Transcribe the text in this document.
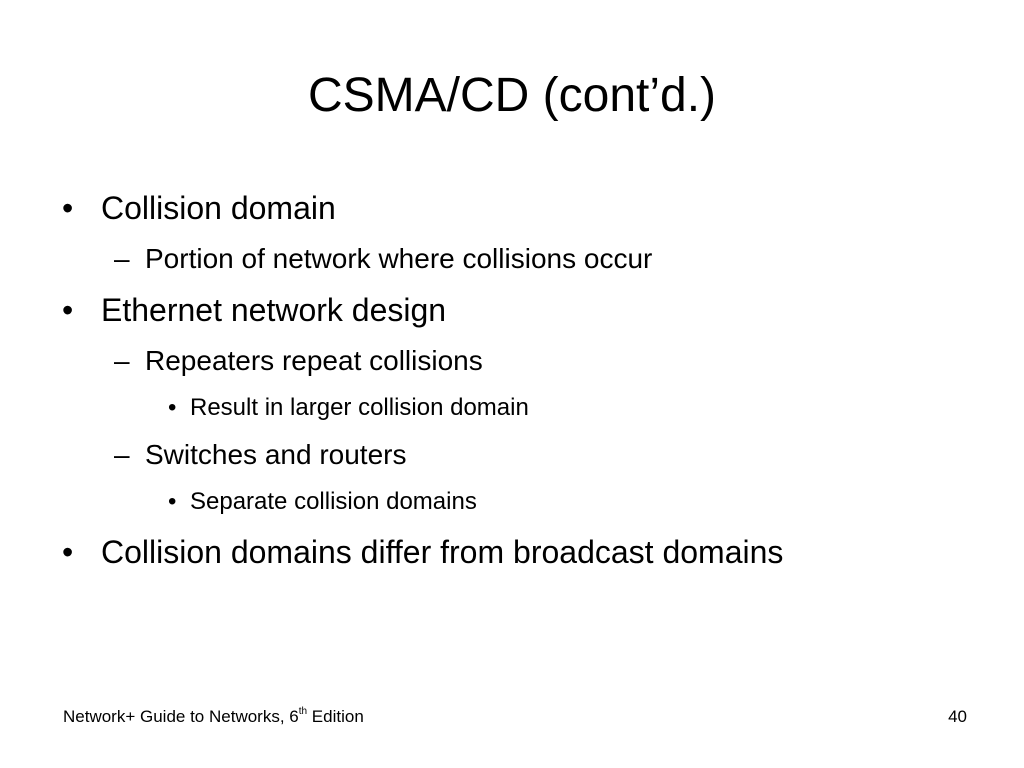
CSMA/CD (cont’d.)
• Collision domain
– Portion of network where collisions occur
• Ethernet network design
– Repeaters repeat collisions
• Result in larger collision domain
– Switches and routers
• Separate collision domains
• Collision domains differ from broadcast domains
Network+ Guide to Networks, 6th Edition	40
